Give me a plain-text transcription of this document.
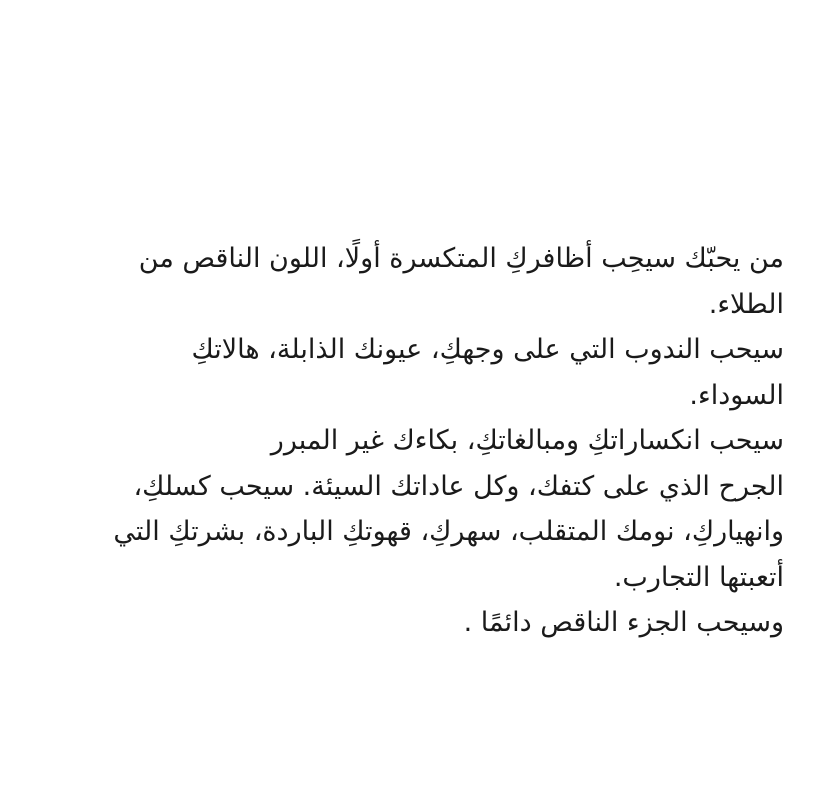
من يحبّك سيحِب أظافركِ المتكسرة أولًا، اللون الناقص من
الطلاء.
سيحب الندوب التي على وجهكِ، عيونك الذابلة، هالاتكِ
السوداء.
سيحب انكساراتكِ ومبالغاتكِ، بكاءك غير المبرر
الجرح الذي على كتفك، وكل عاداتك السيئة. سيحب كسلكِ،
وانهياركِ، نومك المتقلب، سهركِ، قهوتكِ الباردة، بشرتكِ التي
أتعبتها التجارب.
وسيحب الجزء الناقص دائمًا .
